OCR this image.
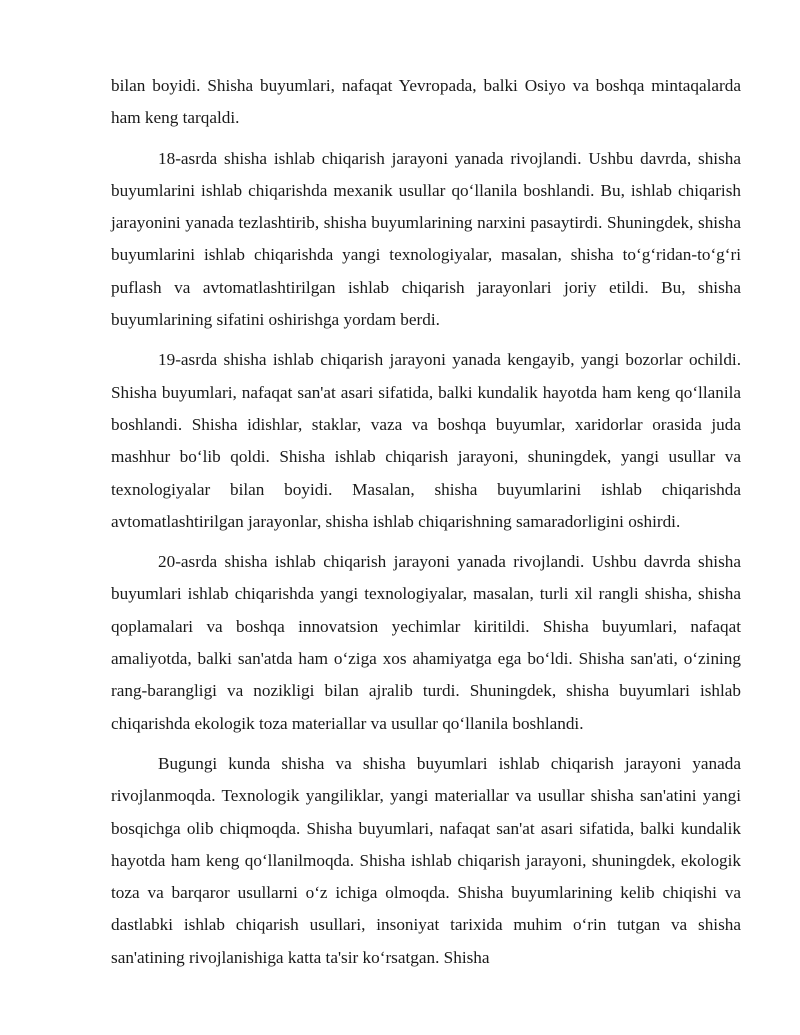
bilan boyidi. Shisha buyumlari, nafaqat Yevropada, balki Osiyo va boshqa mintaqalarda ham keng tarqaldi.

18-asrda shisha ishlab chiqarish jarayoni yanada rivojlandi. Ushbu davrda, shisha buyumlarini ishlab chiqarishda mexanik usullar qo‘llanila boshlandi. Bu, ishlab chiqarish jarayonini yanada tezlashtirib, shisha buyumlarining narxini pasaytirdi. Shuningdek, shisha buyumlarini ishlab chiqarishda yangi texnologiyalar, masalan, shisha to‘g‘ridan-to‘g‘ri puflash va avtomatlashtirilgan ishlab chiqarish jarayonlari joriy etildi. Bu, shisha buyumlarining sifatini oshirishga yordam berdi.

19-asrda shisha ishlab chiqarish jarayoni yanada kengayib, yangi bozorlar ochildi. Shisha buyumlari, nafaqat san'at asari sifatida, balki kundalik hayotda ham keng qo‘llanila boshlandi. Shisha idishlar, staklar, vaza va boshqa buyumlar, xaridorlar orasida juda mashhur bo‘lib qoldi. Shisha ishlab chiqarish jarayoni, shuningdek, yangi usullar va texnologiyalar bilan boyidi. Masalan, shisha buyumlarini ishlab chiqarishda avtomatlashtirilgan jarayonlar, shisha ishlab chiqarishning samaradorligini oshirdi.

20-asrda shisha ishlab chiqarish jarayoni yanada rivojlandi. Ushbu davrda shisha buyumlari ishlab chiqarishda yangi texnologiyalar, masalan, turli xil rangli shisha, shisha qoplamalari va boshqa innovatsion yechimlar kiritildi. Shisha buyumlari, nafaqat amaliyotda, balki san'atda ham o‘ziga xos ahamiyatga ega bo‘ldi. Shisha san'ati, o‘zining rang-barangligi va nozikligi bilan ajralib turdi. Shuningdek, shisha buyumlari ishlab chiqarishda ekologik toza materiallar va usullar qo‘llanila boshlandi.

Bugungi kunda shisha va shisha buyumlari ishlab chiqarish jarayoni yanada rivojlanmoqda. Texnologik yangiliklar, yangi materiallar va usullar shisha san'atini yangi bosqichga olib chiqmoqda. Shisha buyumlari, nafaqat san'at asari sifatida, balki kundalik hayotda ham keng qo‘llanilmoqda. Shisha ishlab chiqarish jarayoni, shuningdek, ekologik toza va barqaror usullarni o‘z ichiga olmoqda. Shisha buyumlarining kelib chiqishi va dastlabki ishlab chiqarish usullari, insoniyat tarixida muhim o‘rin tutgan va shisha san'atining rivojlanishiga katta ta'sir ko‘rsatgan. Shisha
